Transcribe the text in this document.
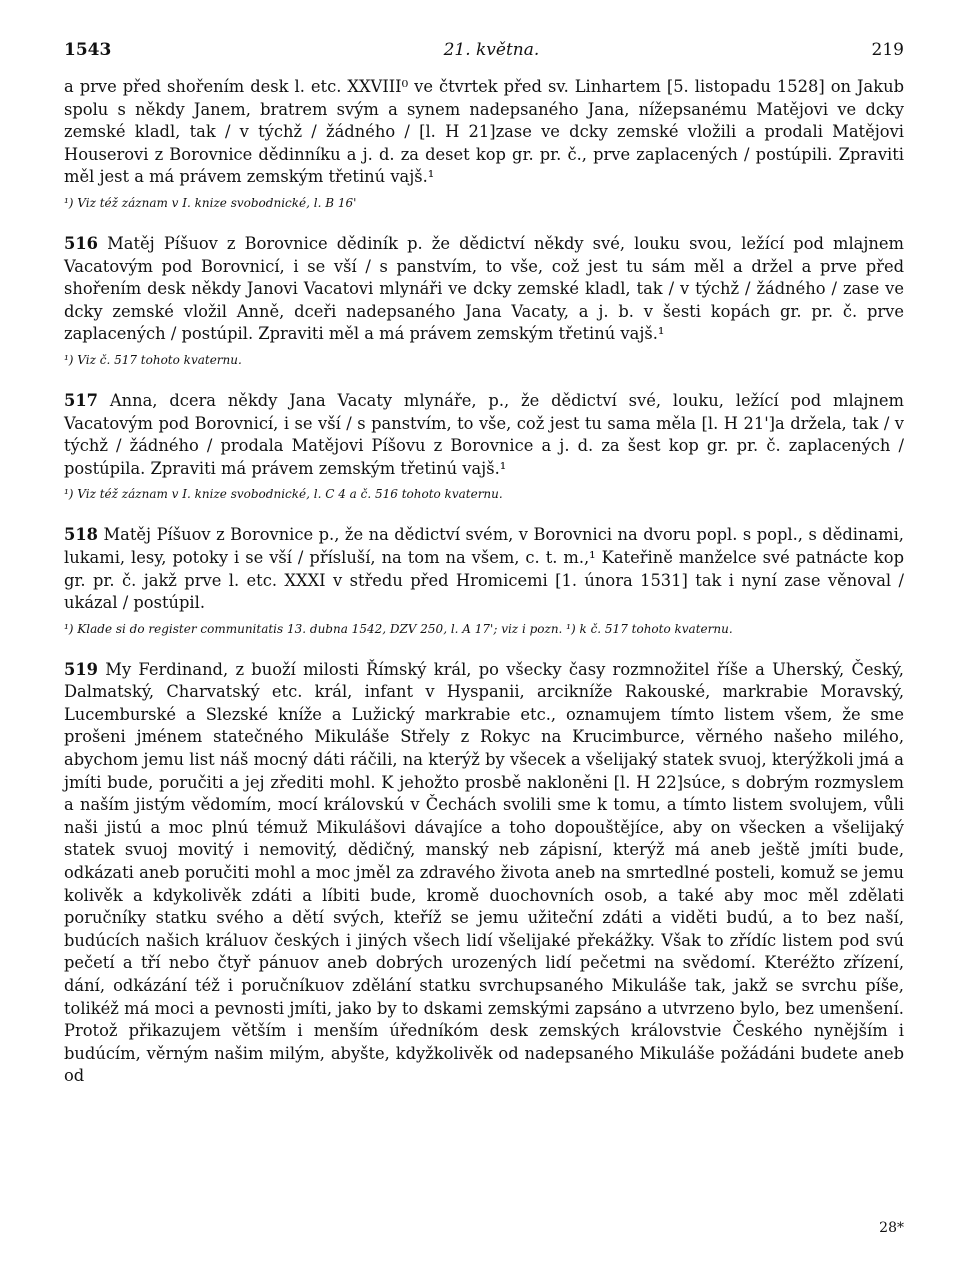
1543	21. května.	219

a prve před shořením desk l. etc. XXVIII⁰ ve čtvrtek před sv. Linhartem [5. listopadu 1528] on Jakub spolu s někdy Janem, bratrem svým a synem nadepsaného Jana, nížepsanému Matějovi ve dcky zemské kladl, tak / v týchž / žádného / [l. H 21]zase ve dcky zemské vložili a prodali Matějovi Houserovi z Borovnice dědinníku a j. d. za deset kop gr. pr. č., prve zaplacených / postúpili. Zpraviti měl jest a má právem zemským třetinú vajš.¹

¹) Viz též záznam v I. knize svobodnické, l. B 16'

516 Matěj Píšuov z Borovnice dědiník p. že dědictví někdy své, louku svou, ležící pod mlajnem Vacatovým pod Borovnicí, i se vší / s panstvím, to vše, což jest tu sám měl a držel a prve před shořením desk někdy Janovi Vacatovi mlynáři ve dcky zemské kladl, tak / v týchž / žádného / zase ve dcky zemské vložil Anně, dceři nadepsaného Jana Vacaty, a j. b. v šesti kopách gr. pr. č. prve zaplacených / postúpil. Zpraviti měl a má právem zemským třetinú vajš.¹

¹) Viz č. 517 tohoto kvaternu.

517 Anna, dcera někdy Jana Vacaty mlynáře, p., že dědictví své, louku, ležící pod mlajnem Vacatovým pod Borovnicí, i se vší / s panstvím, to vše, což jest tu sama měla [l. H 21']a držela, tak / v týchž / žádného / prodala Matějovi Píšovu z Borovnice a j. d. za šest kop gr. pr. č. zaplacených / postúpila. Zpraviti má právem zemským třetinú vajš.¹

¹) Viz též záznam v I. knize svobodnické, l. C 4 a č. 516 tohoto kvaternu.

518 Matěj Píšuov z Borovnice p., že na dědictví svém, v Borovnici na dvoru popl. s popl., s dědinami, lukami, lesy, potoky i se vší / přísluší, na tom na všem, c. t. m.,¹ Kateřině manželce své patnácte kop gr. pr. č. jakž prve l. etc. XXXI v středu před Hromicemi [1. února 1531] tak i nyní zase věnoval / ukázal / postúpil.

¹) Klade si do register communitatis 13. dubna 1542, DZV 250, l. A 17'; viz i pozn. ¹) k č. 517 tohoto kvaternu.

519 My Ferdinand, z buoží milosti Římský král, po všecky časy rozmnožitel říše a Uherský, Český, Dalmatský, Charvatský etc. král, infant v Hyspanii, arcikníže Rakouské, markrabie Moravský, Lucemburské a Slezské kníže a Lužický markrabie etc., oznamujem tímto listem všem, že sme prošeni jménem statečného Mikuláše Střely z Rokyc na Krucimburce, věrného našeho milého, abychom jemu list náš mocný dáti ráčili, na kterýž by všecek a všelijaký statek svuoj, kterýžkoli jmá a jmíti bude, poručiti a jej zřediti mohl. K jehožto prosbě nakloněni [l. H 22]súce, s dobrým rozmyslem a naším jistým vědomím, mocí královskú v Čechách svolili sme k tomu, a tímto listem svolujem, vůli naši jistú a moc plnú témuž Mikulášovi dávajíce a toho dopouštějíce, aby on všecken a všelijaký statek svuoj movitý i nemovitý, dědičný, manský neb zápisní, kterýž má aneb ještě jmíti bude, odkázati aneb poručiti mohl a moc jměl za zdravého života aneb na smrtedlné posteli, komuž se jemu kolivěk a kdykolivěk zdáti a líbiti bude, kromě duochovních osob, a také aby moc měl zdělati poručníky statku svého a dětí svých, kteříž se jemu užiteční zdáti a viděti budú, a to bez naší, budúcích našich králuov českých i jiných všech lidí všelijaké překážky. Však to zřídíc listem pod svú pečetí a tří nebo čtyř pánuov aneb dobrých urozených lidí pečetmi na svědomí. Kteréžto zřízení, dání, odkázání též i poručníkuov zdělání statku svrchupsaného Mikuláše tak, jakž se svrchu píše, tolikéž má moci a pevnosti jmíti, jako by to dskami zemskými zapsáno a utvrzeno bylo, bez umenšení. Protož přikazujem větším i menším úředníkóm desk zemských královstvie Českého nynějším i budúcím, věrným našim milým, abyšte, kdyžkolivěk od nadepsaného Mikuláše požádáni budete aneb od

28*
